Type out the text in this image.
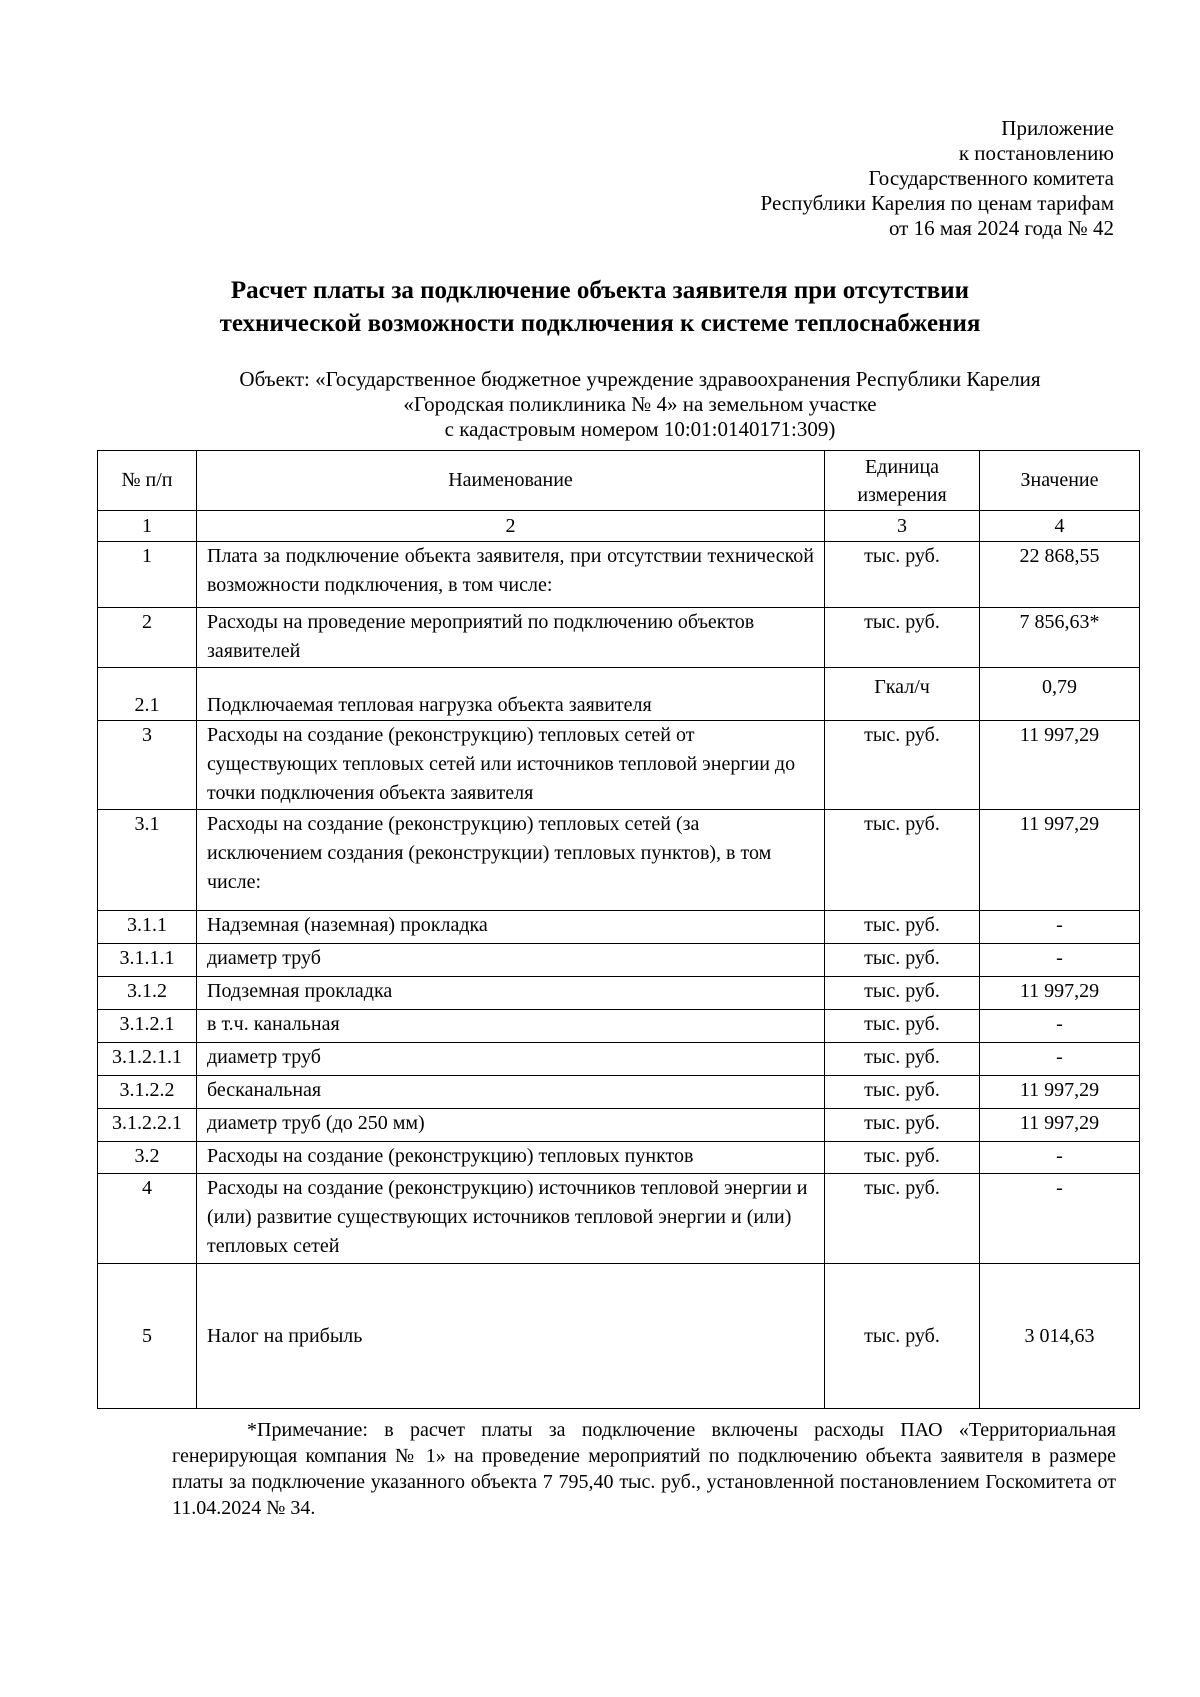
Приложение
к постановлению
Государственного комитета
Республики Карелия по ценам тарифам
от 16 мая 2024 года № 42
Расчет платы за подключение объекта заявителя при отсутствии
технической возможности подключения к системе теплоснабжения
Объект: «Государственное бюджетное учреждение здравоохранения Республики Карелия
«Городская поликлиника № 4» на земельном участке
с кадастровым номером 10:01:0140171:309)
№ п/п	Наименование	Единица измерения	Значение
1	2	3	4
1	Плата за подключение объекта заявителя, при отсутствии технической возможности подключения, в том числе:	тыс. руб.	22 868,55
2	Расходы на проведение мероприятий по подключению объектов заявителей	тыс. руб.	7 856,63*
2.1	Подключаемая тепловая нагрузка объекта заявителя	Гкал/ч	0,79
3	Расходы на создание (реконструкцию) тепловых сетей от существующих тепловых сетей или источников тепловой энергии до точки подключения объекта заявителя	тыс. руб.	11 997,29
3.1	Расходы на создание (реконструкцию) тепловых сетей (за исключением создания (реконструкции) тепловых пунктов), в том числе:	тыс. руб.	11 997,29
3.1.1	Надземная (наземная) прокладка	тыс. руб.	-
3.1.1.1	диаметр труб	тыс. руб.	-
3.1.2	Подземная прокладка	тыс. руб.	11 997,29
3.1.2.1	в т.ч. канальная	тыс. руб.	-
3.1.2.1.1	диаметр труб	тыс. руб.	-
3.1.2.2	бесканальная	тыс. руб.	11 997,29
3.1.2.2.1	диаметр труб (до 250 мм)	тыс. руб.	11 997,29
3.2	Расходы на создание (реконструкцию) тепловых пунктов	тыс. руб.	-
4	Расходы на создание (реконструкцию) источников тепловой энергии и (или) развитие существующих источников тепловой энергии и (или) тепловых сетей	тыс. руб.	-
5	Налог на прибыль	тыс. руб.	3 014,63
*Примечание: в расчет платы за подключение включены расходы ПАО «Территориальная генерирующая компания № 1» на проведение мероприятий по подключению объекта заявителя в размере платы за подключение указанного объекта 7 795,40 тыс. руб., установленной постановлением Госкомитета от 11.04.2024 № 34.
